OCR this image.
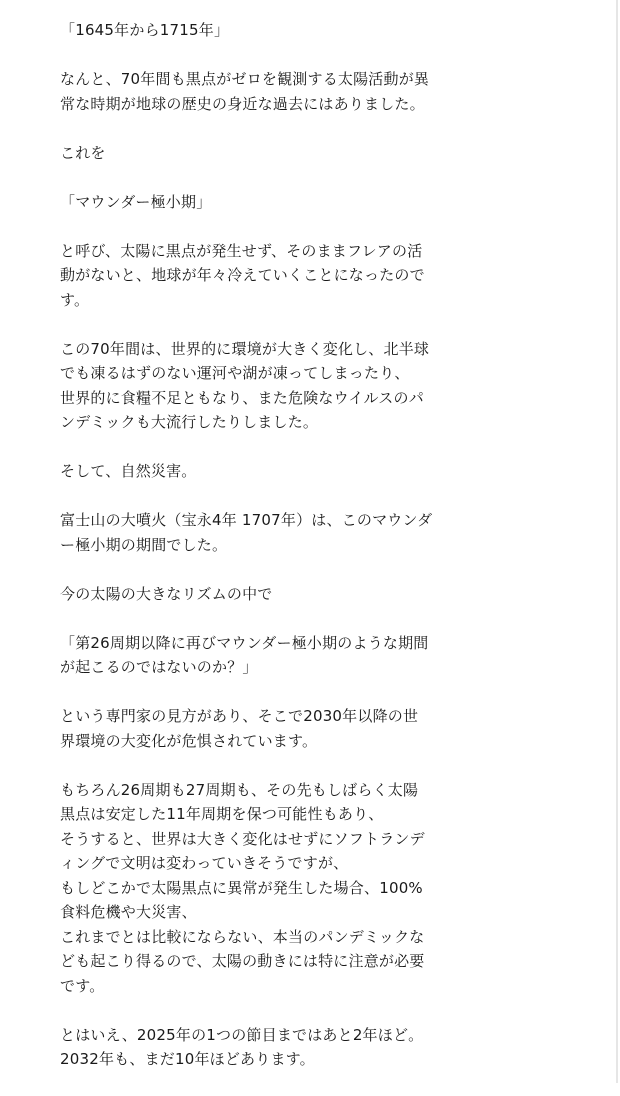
「1645年から1715年」

なんと、70年間も黒点がゼロを観測する太陽活動が異
常な時期が地球の歴史の身近な過去にはありました。

これを

「マウンダー極小期」

と呼び、太陽に黒点が発生せず、そのままフレアの活
動がないと、地球が年々冷えていくことになったので
す。

この70年間は、世界的に環境が大きく変化し、北半球
でも凍るはずのない運河や湖が凍ってしまったり、
世界的に食糧不足ともなり、また危険なウイルスのパ
ンデミックも大流行したりしました。

そして、自然災害。

富士山の大噴火（宝永4年 1707年）は、このマウンダ
ー極小期の期間でした。

今の太陽の大きなリズムの中で

「第26周期以降に再びマウンダー極小期のような期間
が起こるのではないのか？」

という専門家の見方があり、そこで2030年以降の世
界環境の大変化が危惧されています。

もちろん26周期も27周期も、その先もしばらく太陽
黒点は安定した11年周期を保つ可能性もあり、
そうすると、世界は大きく変化はせずにソフトランデ
ィングで文明は変わっていきそうですが、
もしどこかで太陽黒点に異常が発生した場合、100%
食料危機や大災害、
これまでとは比較にならない、本当のパンデミックな
ども起こり得るので、太陽の動きには特に注意が必要
です。

とはいえ、2025年の1つの節目まではあと2年ほど。
2032年も、まだ10年ほどあります。
